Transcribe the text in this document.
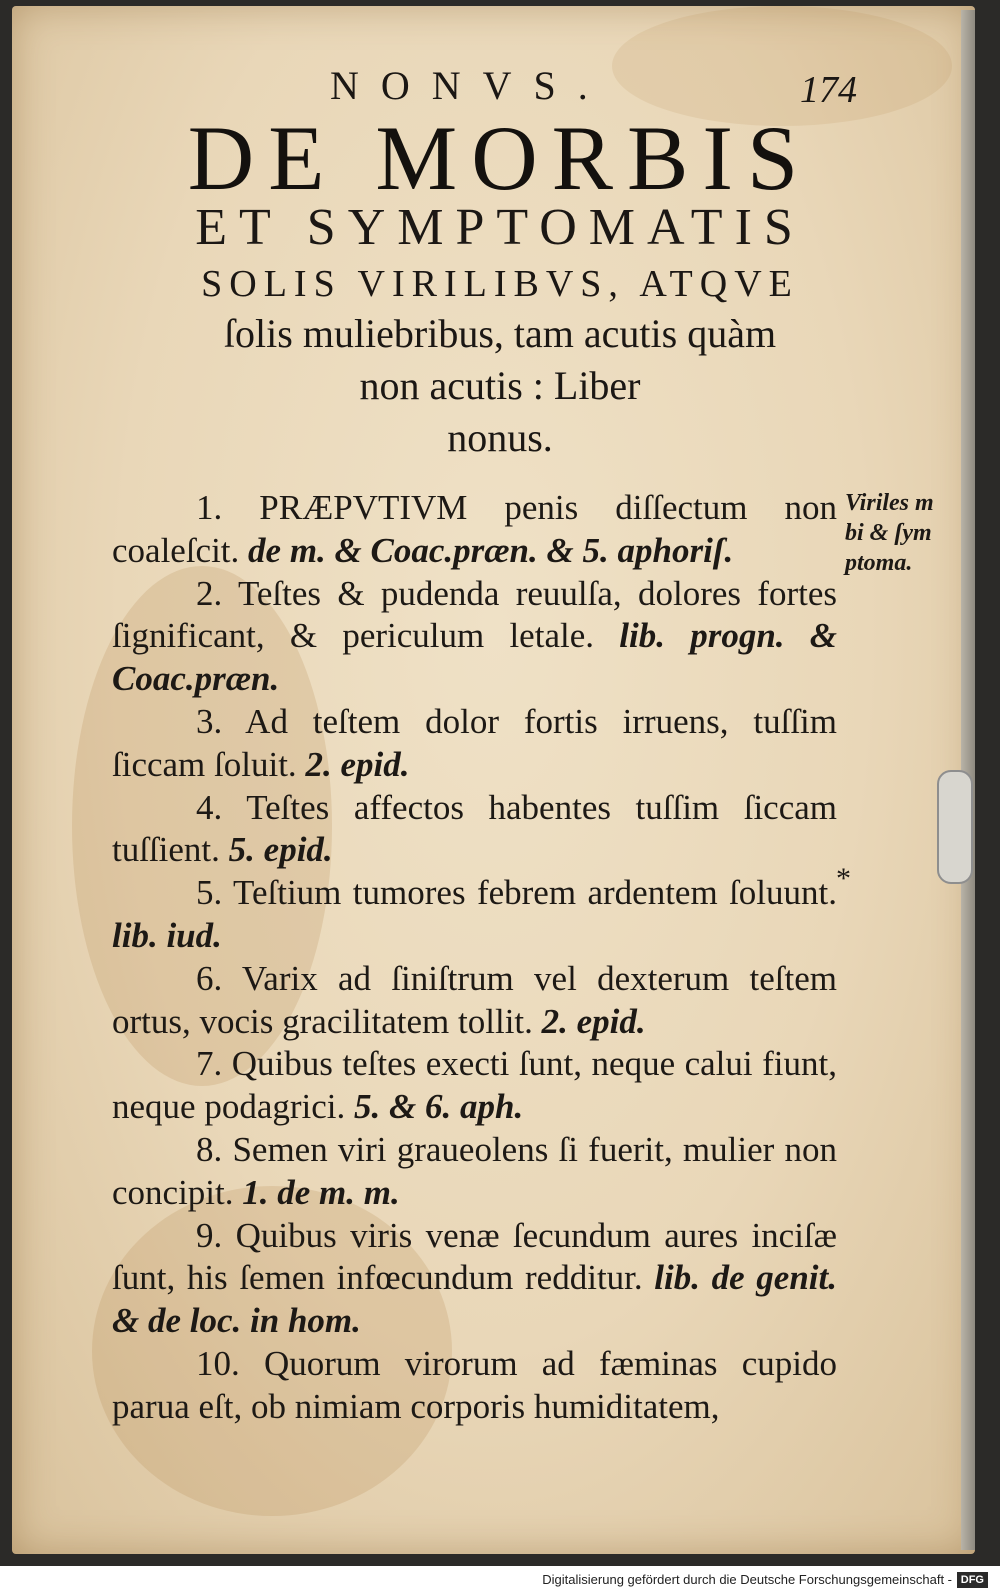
NONVS.	174
DE MORBIS
ET SYMPTOMATIS
SOLIS VIRILIBVS, ATQVE
ſolis muliebribus, tam acutis quàm
non acutis : Liber
nonus.

1. PRÆPVTIVM penis diſſectum non coaleſcit. de m. & Coac.præn. & 5. aphoriſ.

2. Teſtes & pudenda reuulſa, dolores fortes ſignificant, & periculum letale. lib. progn. & Coac.præn.

3. Ad teſtem dolor fortis irruens, tuſſim ſiccam ſoluit. 2. epid.

4. Teſtes affectos habentes tuſſim ſiccam tuſſient. 5. epid.

5. Teſtium tumores febrem ardentem ſoluunt. lib. iud.

6. Varix ad ſiniſtrum vel dexterum teſtem ortus, vocis gracilitatem tollit. 2. epid.

7. Quibus teſtes execti ſunt, neque calui fiunt, neque podagrici. 5. & 6. aph.

8. Semen viri graueolens ſi fuerit, mulier non concipit. 1. de m. m.

9. Quibus viris venæ ſecundum aures inciſæ ſunt, his ſemen infœcundum redditur. lib. de genit. & de loc. in hom.

10. Quorum virorum ad fæminas cupido parua eſt, ob nimiam corporis humiditatem,

Viriles m
bi & ſym
ptoma.
*
Digitalisierung gefördert durch die Deutsche Forschungsgemeinschaft - DFG
